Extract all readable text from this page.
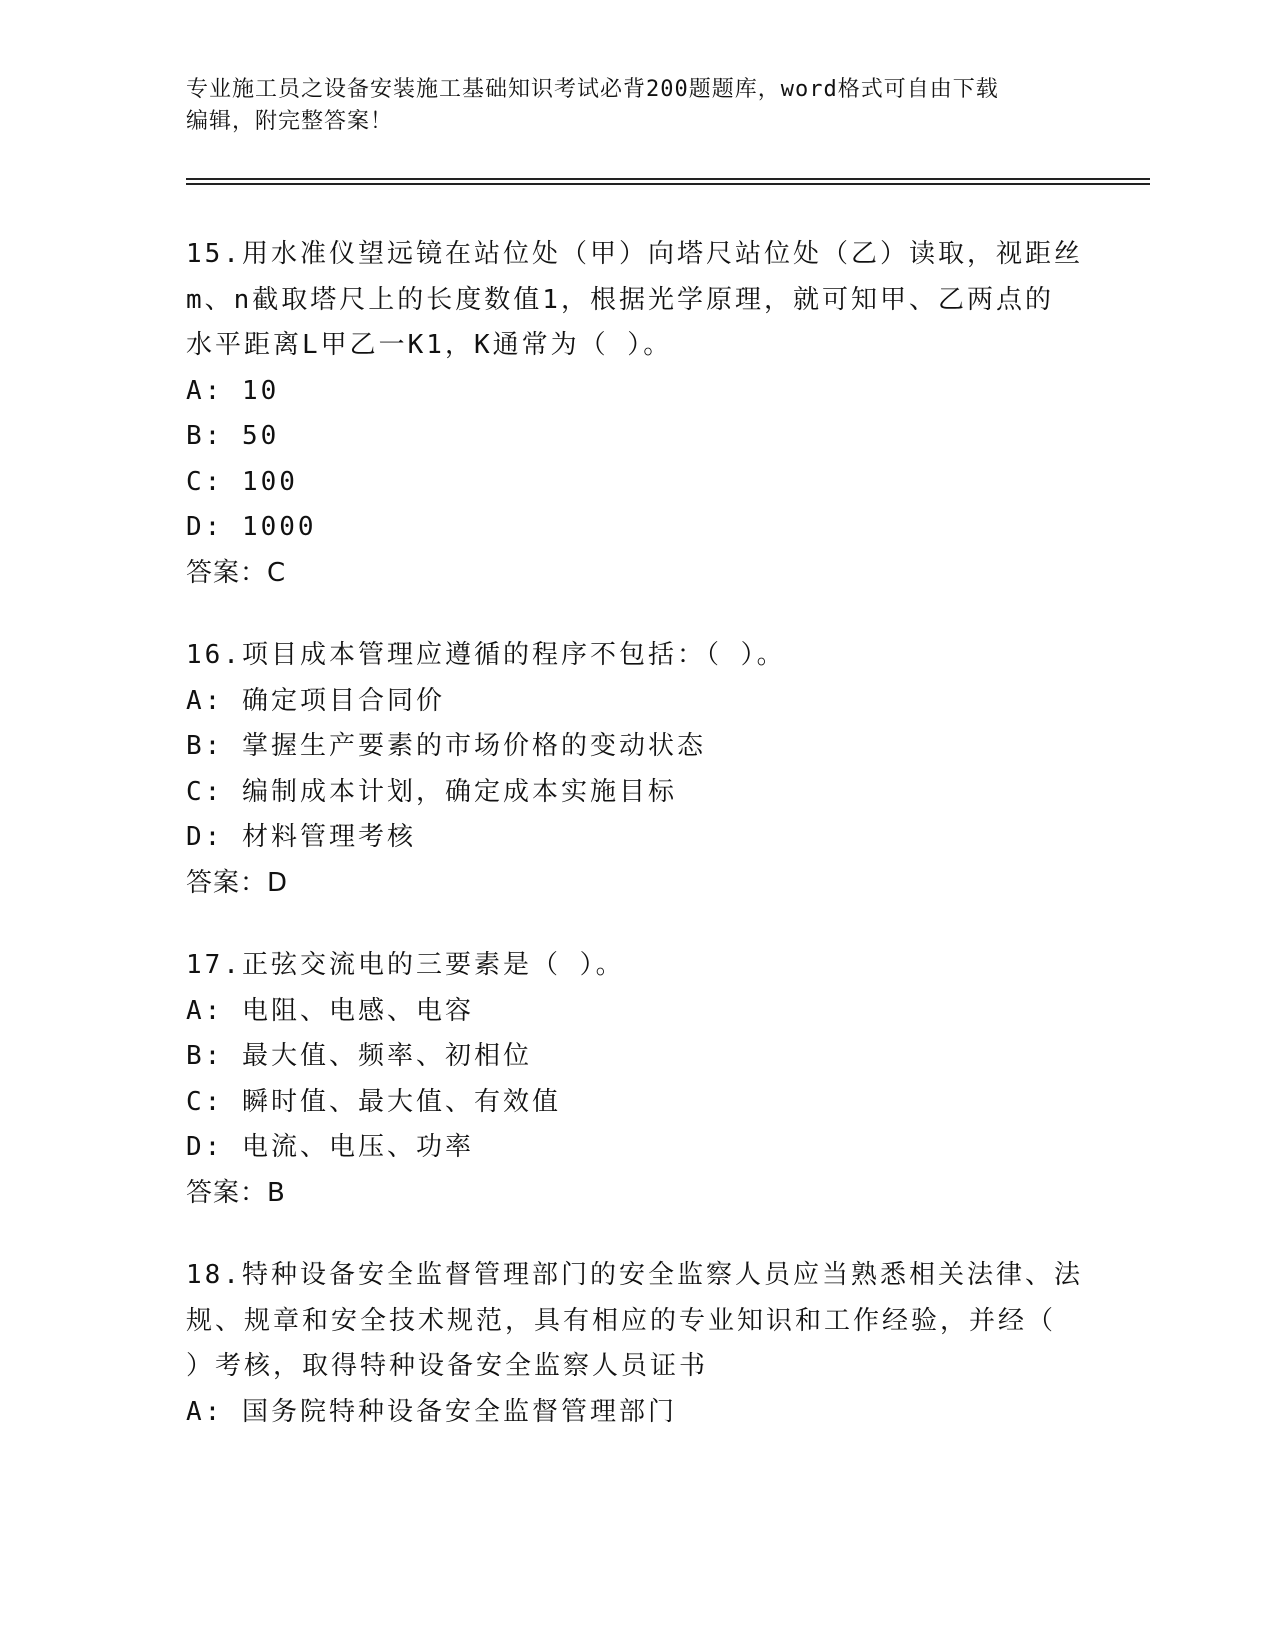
专业施工员之设备安装施工基础知识考试必背200题题库，word格式可自由下载
编辑，附完整答案！
15.用水准仪望远镜在站位处（甲）向塔尺站位处（乙）读取，视距丝
m、n截取塔尺上的长度数值1，根据光学原理，就可知甲、乙两点的
水平距离L甲乙一K1，K通常为（ ）。
A: 10
B: 50
C: 100
D: 1000
答案：C
16.项目成本管理应遵循的程序不包括：（ ）。
A: 确定项目合同价
B: 掌握生产要素的市场价格的变动状态
C: 编制成本计划，确定成本实施目标
D: 材料管理考核
答案：D
17.正弦交流电的三要素是（ ）。
A: 电阻、电感、电容
B: 最大值、频率、初相位
C: 瞬时值、最大值、有效值
D: 电流、电压、功率
答案：B
18.特种设备安全监督管理部门的安全监察人员应当熟悉相关法律、法
规、规章和安全技术规范，具有相应的专业知识和工作经验，并经（
）考核，取得特种设备安全监察人员证书
A: 国务院特种设备安全监督管理部门
